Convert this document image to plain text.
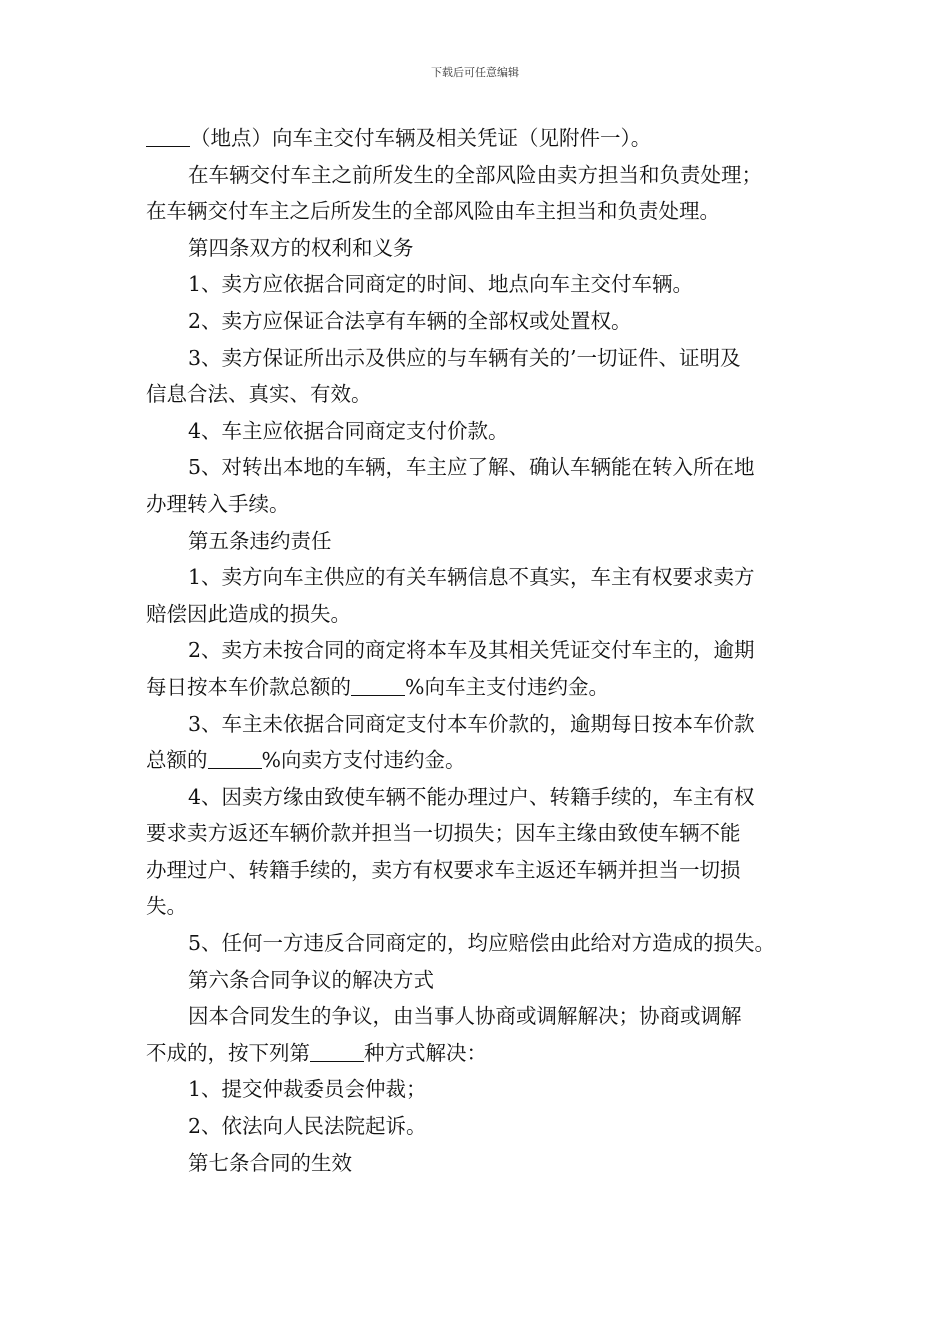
下载后可任意编辑

（地点）向车主交付车辆及相关凭证（见附件一）。

在车辆交付车主之前所发生的全部风险由卖方担当和负责处理；

在车辆交付车主之后所发生的全部风险由车主担当和负责处理。

第四条双方的权利和义务

1、卖方应依据合同商定的时间、地点向车主交付车辆。

2、卖方应保证合法享有车辆的全部权或处置权。

3、卖方保证所出示及供应的与车辆有关的’一切证件、证明及

信息合法、真实、有效。

4、车主应依据合同商定支付价款。

5、对转出本地的车辆，车主应了解、确认车辆能在转入所在地

办理转入手续。

第五条违约责任

1、卖方向车主供应的有关车辆信息不真实，车主有权要求卖方

赔偿因此造成的损失。

2、卖方未按合同的商定将本车及其相关凭证交付车主的，逾期

每日按本车价款总额的	%向车主支付违约金。

3、车主未依据合同商定支付本车价款的，逾期每日按本车价款

总额的	%向卖方支付违约金。

4、因卖方缘由致使车辆不能办理过户、转籍手续的，车主有权

要求卖方返还车辆价款并担当一切损失；因车主缘由致使车辆不能

办理过户、转籍手续的，卖方有权要求车主返还车辆并担当一切损

失。

5、任何一方违反合同商定的，均应赔偿由此给对方造成的损失。

第六条合同争议的解决方式

因本合同发生的争议，由当事人协商或调解解决；协商或调解

不成的，按下列第	种方式解决：

1、提交仲裁委员会仲裁；

2、依法向人民法院起诉。

第七条合同的生效
